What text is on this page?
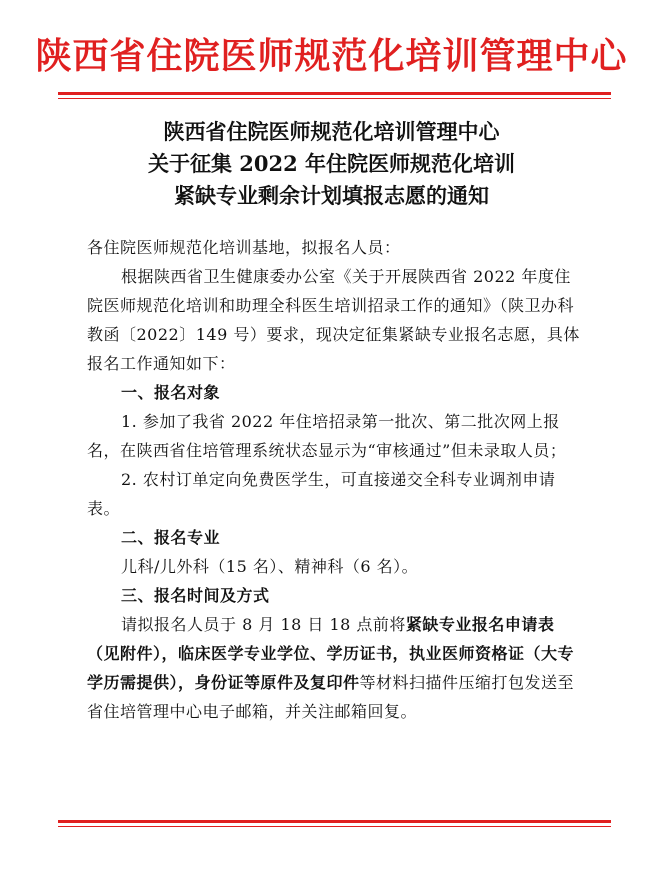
陕西省住院医师规范化培训管理中心
陕西省住院医师规范化培训管理中心
关于征集 2022 年住院医师规范化培训
紧缺专业剩余计划填报志愿的通知

各住院医师规范化培训基地，拟报名人员：

根据陕西省卫生健康委办公室《关于开展陕西省 2022 年度住院医师规范化培训和助理全科医生培训招录工作的通知》（陕卫办科教函〔2022〕149 号）要求，现决定征集紧缺专业报名志愿，具体报名工作通知如下：

一、报名对象

1. 参加了我省 2022 年住培招录第一批次、第二批次网上报名，在陕西省住培管理系统状态显示为“审核通过”但未录取人员；

2. 农村订单定向免费医学生，可直接递交全科专业调剂申请表。

二、报名专业

儿科/儿外科（15 名）、精神科（6 名）。

三、报名时间及方式

请拟报名人员于 8 月 18 日 18 点前将紧缺专业报名申请表（见附件），临床医学专业学位、学历证书，执业医师资格证（大专学历需提供），身份证等原件及复印件等材料扫描件压缩打包发送至省住培管理中心电子邮箱，并关注邮箱回复。
